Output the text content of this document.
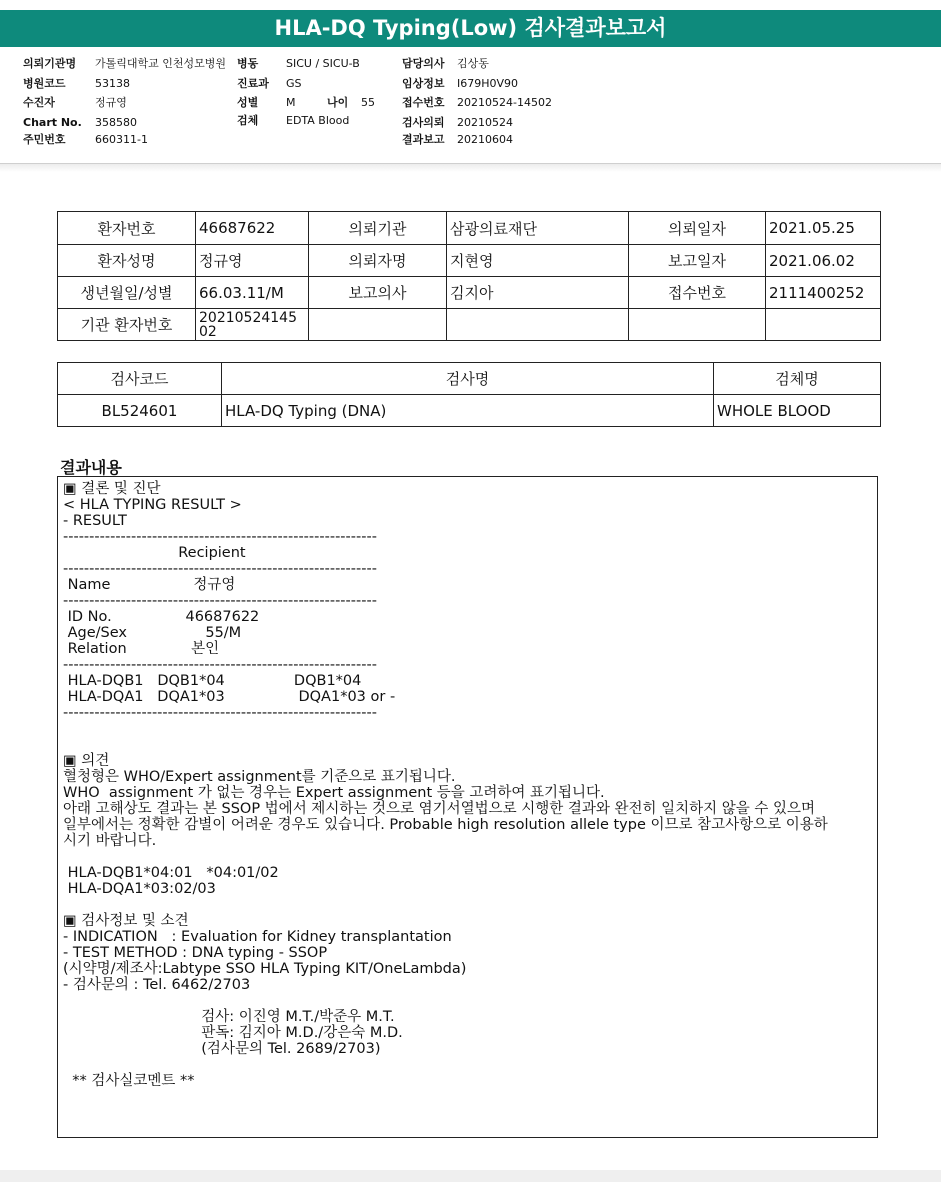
HLA-DQ Typing(Low) 검사결과보고서
의뢰기관명 가톨릭대학교 인천성모병원 병동	SICU / SICU-B	담당의사 김상동
병원코드	53138	진료과 GS	임상정보 I679H0V90
수진자	정규영	성별	M	나이 55 접수번호 20210524-14502
Chart No. 358580	검체	EDTA Blood	검사의뢰 20210524
주민번호	660311-1	결과보고 20210604
환자번호	46687622	의뢰기관	삼광의료재단	의뢰일자	2021.05.25
환자성명	정규영	의뢰자명	지현영	보고일자	2021.06.02
생년월일/성별	66.03.11/M	보고의사	김지아	접수번호	2111400252
기관 환자번호	2021052414502				
검사코드	검사명	검체명
BL524601	HLA-DQ Typing (DNA)	WHOLE BLOOD
결과내용
▣ 결론 및 진단
< HLA TYPING RESULT >
- RESULT
------------------------------------------------------------
Recipient
------------------------------------------------------------
Name                  정규영
------------------------------------------------------------
ID No.                46687622
Age/Sex                 55/M
Relation              본인
------------------------------------------------------------
HLA-DQB1   DQB1*04               DQB1*04
HLA-DQA1   DQA1*03                DQA1*03 or -
------------------------------------------------------------
▣ 의견
혈청형은 WHO/Expert assignment를 기준으로 표기됩니다.
WHO  assignment 가 없는 경우는 Expert assignment 등을 고려하여 표기됩니다.
아래 고해상도 결과는 본 SSOP 법에서 제시하는 것으로 염기서열법으로 시행한 결과와 완전히 일치하지 않을 수 있으며
일부에서는 정확한 감별이 어려운 경우도 있습니다. Probable high resolution allele type 이므로 참고사항으로 이용하
시기 바랍니다.
HLA-DQB1*04:01   *04:01/02
HLA-DQA1*03:02/03
▣ 검사정보 및 소견
- INDICATION   : Evaluation for Kidney transplantation
- TEST METHOD : DNA typing - SSOP
(시약명/제조사:Labtype SSO HLA Typing KIT/OneLambda)
- 검사문의 : Tel. 6462/2703
검사: 이진영 M.T./박준우 M.T.
판독: 김지아 M.D./강은숙 M.D.
(검사문의 Tel. 2689/2703)
** 검사실코멘트 **
